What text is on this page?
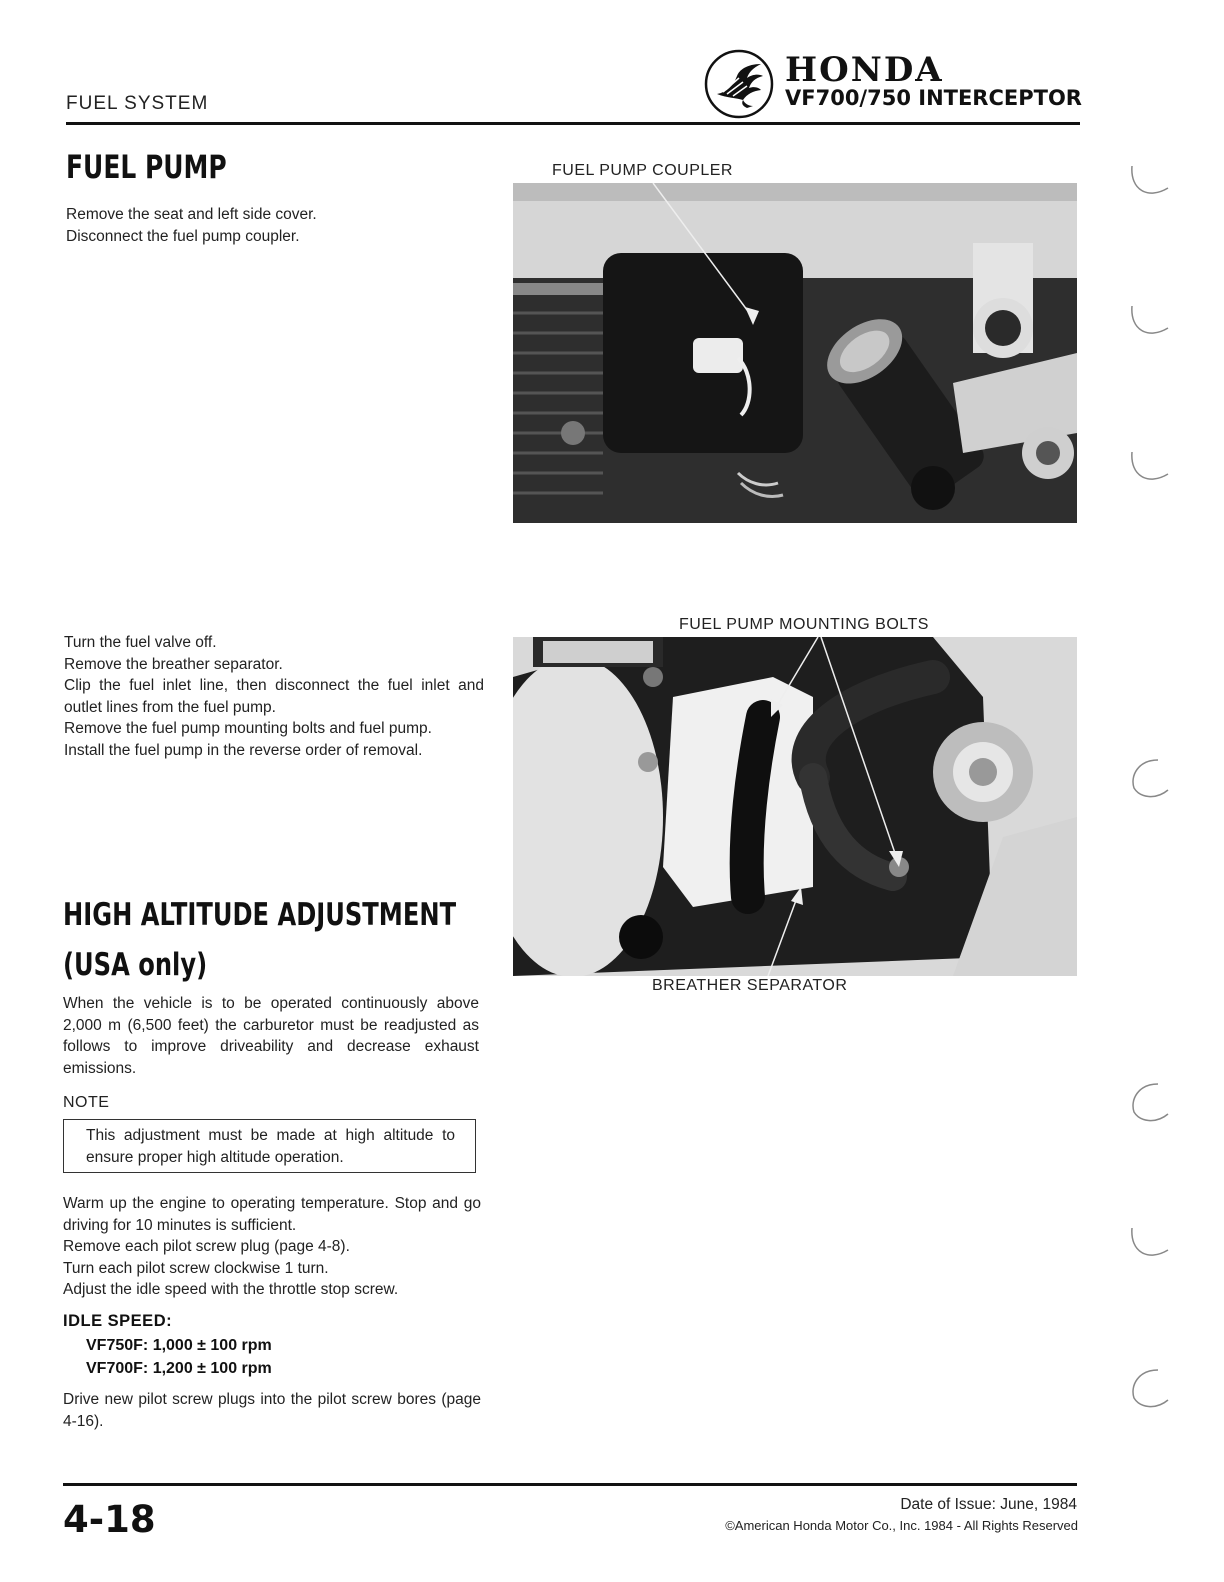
FUEL SYSTEM
HONDA
VF700/750 INTERCEPTOR
FUEL PUMP
Remove the seat and left side cover.
Disconnect the fuel pump coupler.
Turn the fuel valve off.
Remove the breather separator.
Clip the fuel inlet line, then disconnect the fuel inlet and outlet lines from the fuel pump.
Remove the fuel pump mounting bolts and fuel pump.
Install the fuel pump in the reverse order of removal.
FUEL PUMP COUPLER
FUEL PUMP MOUNTING BOLTS
BREATHER SEPARATOR
HIGH ALTITUDE ADJUSTMENT
(USA only)
When the vehicle is to be operated continuously above 2,000 m (6,500 feet) the carburetor must be readjusted as follows to improve driveability and decrease exhaust emissions.
NOTE
This adjustment must be made at high altitude to ensure proper high altitude operation.
Warm up the engine to operating temperature. Stop and go driving for 10 minutes is sufficient.
Remove each pilot screw plug (page 4-8).
Turn each pilot screw clockwise 1 turn.
Adjust the idle speed with the throttle stop screw.
IDLE SPEED:
VF750F: 1,000 ± 100 rpm
VF700F: 1,200 ± 100 rpm
Drive new pilot screw plugs into the pilot screw bores (page 4-16).
4-18	Date of Issue: June, 1984
©American Honda Motor Co., Inc. 1984 - All Rights Reserved
